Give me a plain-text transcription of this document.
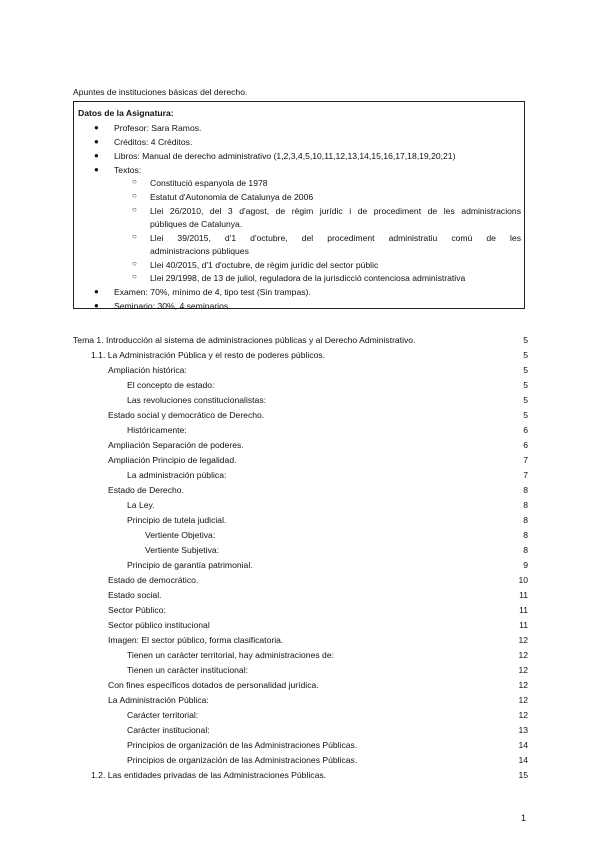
Apuntes de instituciones básicas del derecho.
Datos de la Asignatura:
● Profesor: Sara Ramos.
● Créditos: 4 Créditos.
● Libros: Manual de derecho administrativo (1,2,3,4,5,10,11,12,13,14,15,16,17,18,19,20,21)
● Textos:
○ Constitució espanyola de 1978
○ Estatut d'Autonomia de Catalunya de 2006
○ Llei 26/2010, del 3 d'agost, de règim jurídic i de procediment de les administracions
públiques de Catalunya.
○ Llei 39/2015, d'1 d'octubre, del procediment administratiu comú de les
administracions públiques
○ Llei 40/2015, d'1 d'octubre, de règim jurídic del sector públic
○ Llei 29/1998, de 13 de juliol, reguladora de la jurisdicció contenciosa administrativa
● Examen: 70%, mínimo de 4, tipo test (Sin trampas).
● Seminario: 30%, 4 seminarios.
Tema 1. Introducción al sistema de administraciones públicas y al Derecho Administrativo.	5
1.1. La Administración Pública y el resto de poderes públicos.	5
Ampliación histórica:	5
El concepto de estado:	5
Las revoluciones constitucionalistas:	5
Estado social y democrático de Derecho.	5
Históricamente:	6
Ampliación Separación de poderes.	6
Ampliación Principio de legalidad.	7
La administración pública:	7
Estado de Derecho.	8
La Ley.	8
Principio de tutela judicial.	8
Vertiente Objetiva:	8
Vertiente Subjetiva:	8
Principio de garantía patrimonial.	9
Estado de democrático.	10
Estado social.	11
Sector Público:	11
Sector público institucional	11
Imagen: El sector público, forma clasificatoria.	12
Tienen un carácter territorial, hay administraciones de:	12
Tienen un carácter institucional:	12
Con fines específicos dotados de personalidad jurídica.	12
La Administración Pública:	12
Carácter territorial:	12
Carácter institucional:	13
Principios de organización de las Administraciones Públicas.	14
Principios de organización de las Administraciones Públicas.	14
1.2. Las entidades privadas de las Administraciones Públicas.	15
1
